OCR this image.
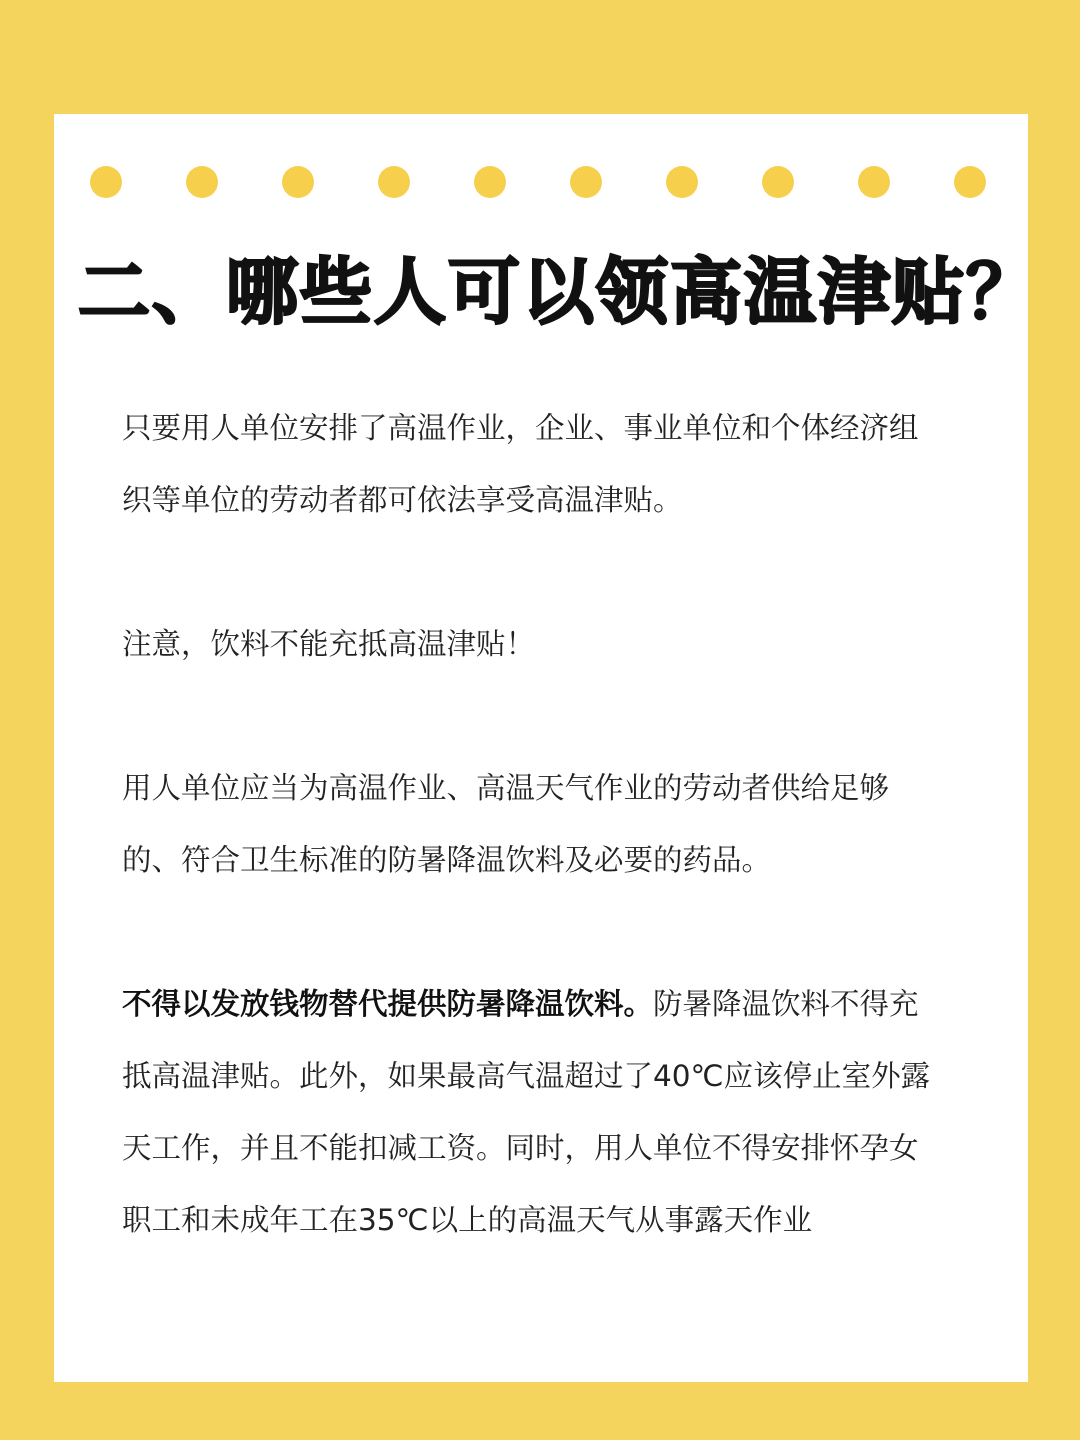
二、哪些人可以领高温津贴？

只要用人单位安排了高温作业，企业、事业单位和个体经济组织等单位的劳动者都可依法享受高温津贴。

注意，饮料不能充抵高温津贴！

用人单位应当为高温作业、高温天气作业的劳动者供给足够的、符合卫生标准的防暑降温饮料及必要的药品。

不得以发放钱物替代提供防暑降温饮料。防暑降温饮料不得充抵高温津贴。此外，如果最高气温超过了40℃应该停止室外露天工作，并且不能扣减工资。同时，用人单位不得安排怀孕女职工和未成年工在35℃以上的高温天气从事露天作业
